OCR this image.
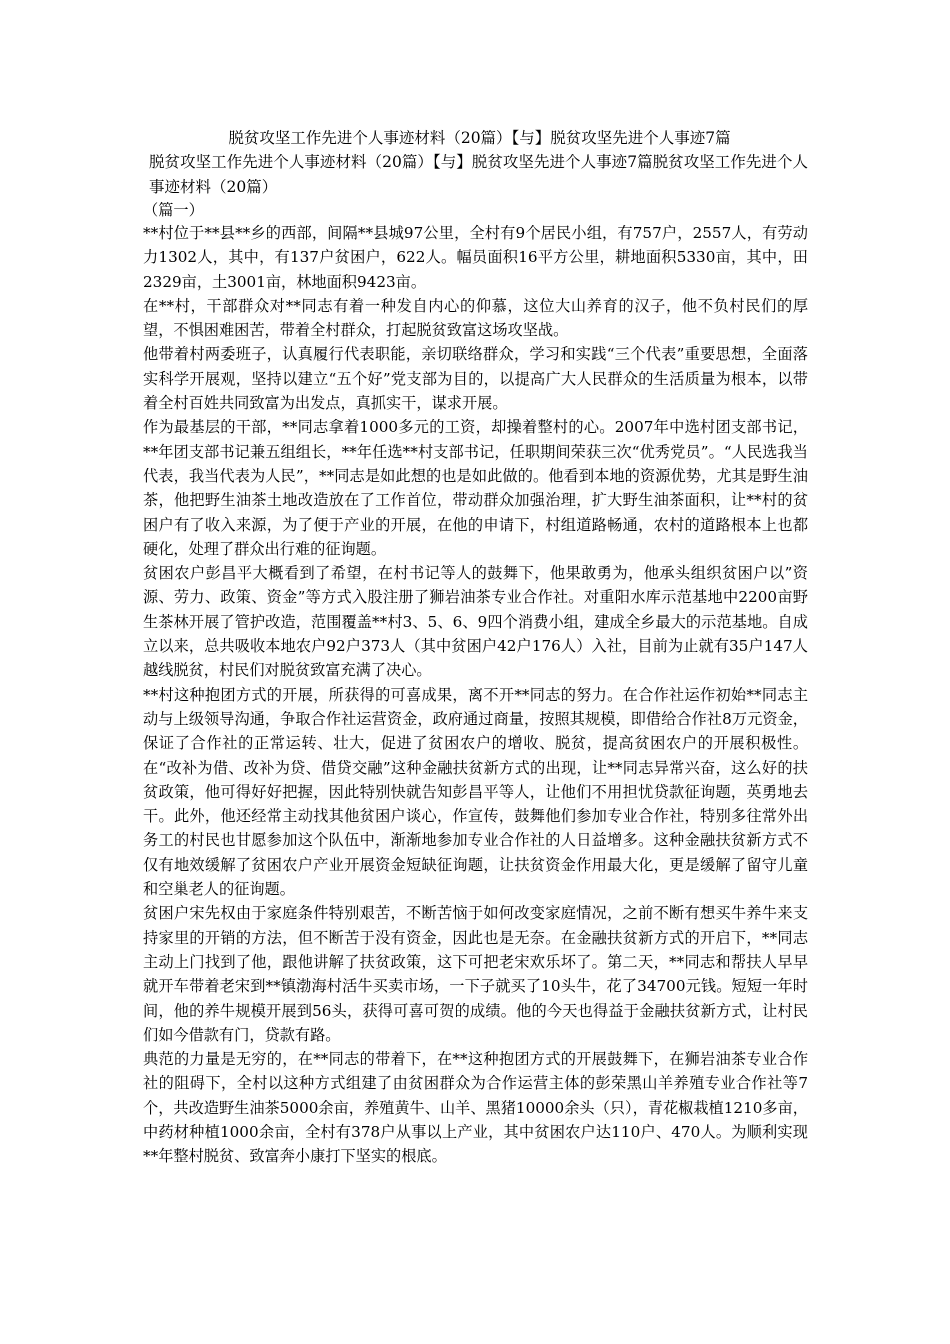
脱贫攻坚工作先进个人事迹材料（20篇）【与】脱贫攻坚先进个人事迹7篇

脱贫攻坚工作先进个人事迹材料（20篇）【与】脱贫攻坚先进个人事迹7篇脱贫攻坚工作先进个人事迹材料（20篇）

（篇一）

**村位于**县**乡的西部，间隔**县城97公里，全村有9个居民小组，有757户，2557人，有劳动力1302人，其中，有137户贫困户，622人。幅员面积16平方公里，耕地面积5330亩，其中，田2329亩，土3001亩，林地面积9423亩。

在**村，干部群众对**同志有着一种发自内心的仰慕，这位大山养育的汉子，他不负村民们的厚望，不惧困难困苦，带着全村群众，打起脱贫致富这场攻坚战。

他带着村两委班子，认真履行代表职能，亲切联络群众，学习和实践“三个代表”重要思想，全面落实科学开展观，坚持以建立“五个好”党支部为目的，以提高广大人民群众的生活质量为根本，以带着全村百姓共同致富为出发点，真抓实干，谋求开展。

作为最基层的干部，**同志拿着1000多元的工资，却操着整村的心。2007年中选村团支部书记，**年团支部书记兼五组组长，**年任选**村支部书记，任职期间荣获三次“优秀党员”。“人民选我当代表，我当代表为人民”，**同志是如此想的也是如此做的。他看到本地的资源优势，尤其是野生油茶，他把野生油茶土地改造放在了工作首位，带动群众加强治理，扩大野生油茶面积，让**村的贫困户有了收入来源，为了便于产业的开展，在他的申请下，村组道路畅通，农村的道路根本上也都硬化，处理了群众出行难的征询题。

贫困农户彭昌平大概看到了希望，在村书记等人的鼓舞下，他果敢勇为，他承头组织贫困户以”资源、劳力、政策、资金”等方式入股注册了狮岩油茶专业合作社。对重阳水库示范基地中2200亩野生茶林开展了管护改造，范围覆盖**村3、5、6、9四个消费小组，建成全乡最大的示范基地。自成立以来，总共吸收本地农户92户373人（其中贫困户42户176人）入社，目前为止就有35户147人越线脱贫，村民们对脱贫致富充满了决心。

**村这种抱团方式的开展，所获得的可喜成果，离不开**同志的努力。在合作社运作初始**同志主动与上级领导沟通，争取合作社运营资金，政府通过商量，按照其规模，即借给合作社8万元资金，保证了合作社的正常运转、壮大，促进了贫困农户的增收、脱贫，提高贫困农户的开展积极性。在“改补为借、改补为贷、借贷交融”这种金融扶贫新方式的出现，让**同志异常兴奋，这么好的扶贫政策，他可得好好把握，因此特别快就告知彭昌平等人，让他们不用担忧贷款征询题，英勇地去干。此外，他还经常主动找其他贫困户谈心，作宣传，鼓舞他们参加专业合作社，特别多往常外出务工的村民也甘愿参加这个队伍中，渐渐地参加专业合作社的人日益增多。这种金融扶贫新方式不仅有地效缓解了贫困农户产业开展资金短缺征询题，让扶贫资金作用最大化，更是缓解了留守儿童和空巢老人的征询题。

贫困户宋先权由于家庭条件特别艰苦，不断苦恼于如何改变家庭情况，之前不断有想买牛养牛来支持家里的开销的方法，但不断苦于没有资金，因此也是无奈。在金融扶贫新方式的开启下，**同志主动上门找到了他，跟他讲解了扶贫政策，这下可把老宋欢乐坏了。第二天，**同志和帮扶人早早就开车带着老宋到**镇渤海村活牛买卖市场，一下子就买了10头牛，花了34700元钱。短短一年时间，他的养牛规模开展到56头，获得可喜可贺的成绩。他的今天也得益于金融扶贫新方式，让村民们如今借款有门，贷款有路。

典范的力量是无穷的，在**同志的带着下，在**这种抱团方式的开展鼓舞下，在狮岩油茶专业合作社的阻碍下，全村以这种方式组建了由贫困群众为合作运营主体的彭荣黑山羊养殖专业合作社等7个，共改造野生油茶5000余亩，养殖黄牛、山羊、黑猪10000余头（只），青花椒栽植1210多亩，中药材种植1000余亩，全村有378户从事以上产业，其中贫困农户达110户、470人。为顺利实现**年整村脱贫、致富奔小康打下坚实的根底。
